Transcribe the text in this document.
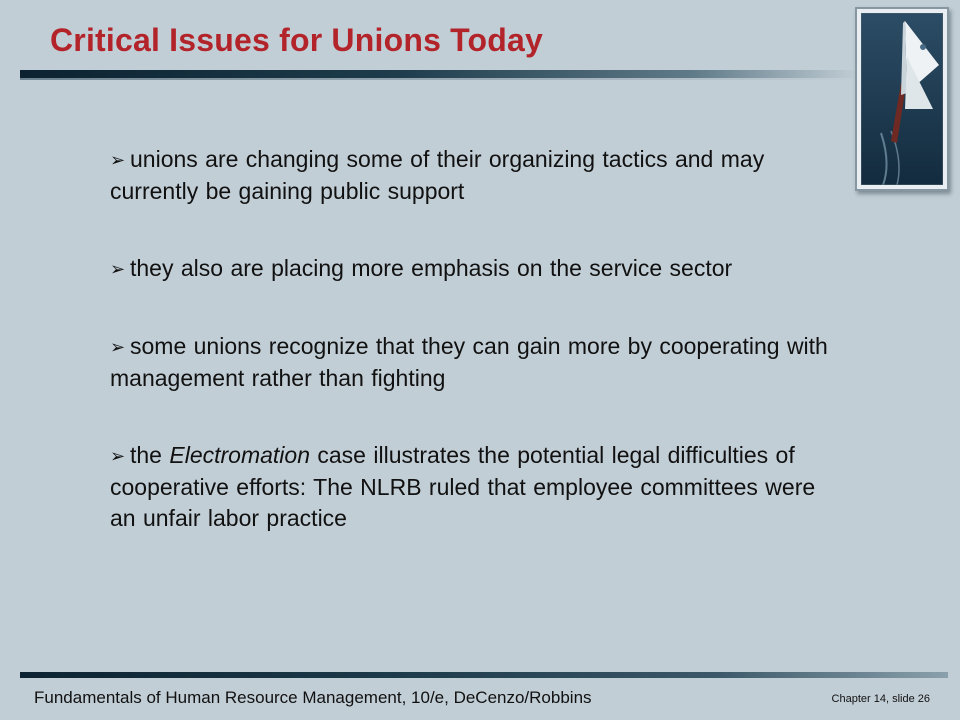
Critical Issues for Unions Today
➢ unions are changing some of their organizing tactics and may currently be gaining public support
➢ they also are placing more emphasis on the service sector
➢ some unions recognize that they can gain more by cooperating with management rather than fighting
➢ the Electromation case illustrates the potential legal difficulties of cooperative efforts: The NLRB ruled that employee committees were an unfair labor practice
Fundamentals of Human Resource Management, 10/e, DeCenzo/Robbins	Chapter 14, slide 26
